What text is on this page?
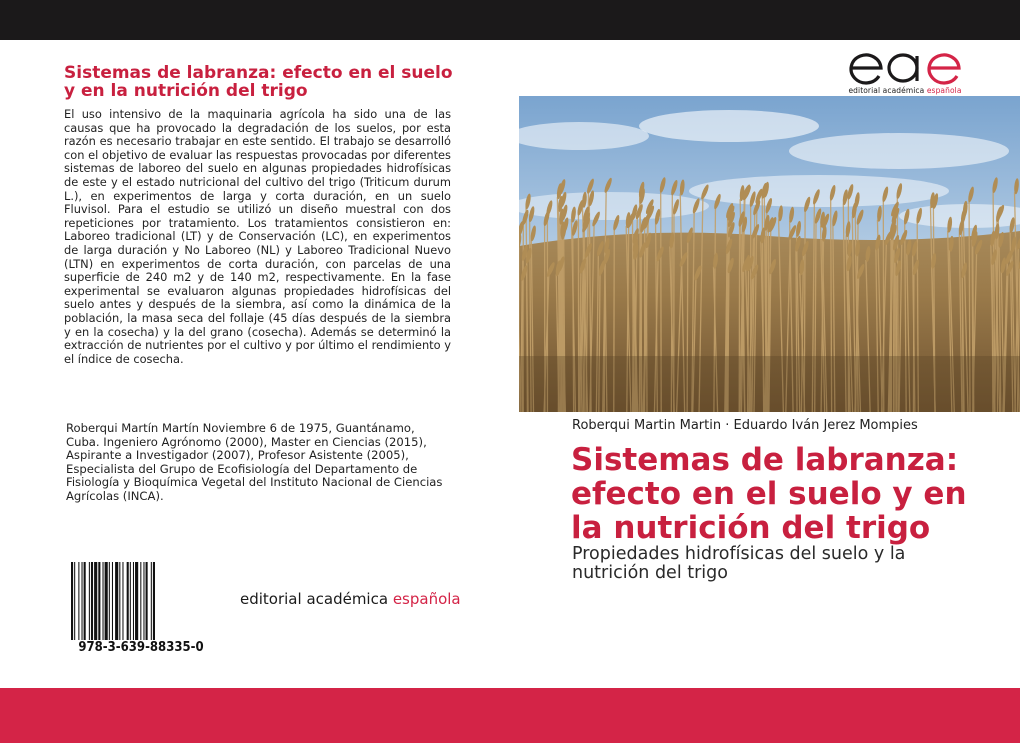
Sistemas de labranza: efecto en el suelo y en la nutrición del trigo
El uso intensivo de la maquinaria agrícola ha sido una de las causas que ha provocado la degradación de los suelos, por esta razón es necesario trabajar en este sentido. El trabajo se desarrolló con el objetivo de evaluar las respuestas provocadas por diferentes sistemas de laboreo del suelo en algunas propiedades hidrofísicas de este y el estado nutricional del cultivo del trigo (Triticum durum L.), en experimentos de larga y corta duración, en un suelo Fluvisol. Para el estudio se utilizó un diseño muestral con dos repeticiones por tratamiento. Los tratamientos consistieron en: Laboreo tradicional (LT) y de Conservación (LC), en experimentos de larga duración y No Laboreo (NL) y Laboreo Tradicional Nuevo (LTN) en experimentos de corta duración, con parcelas de una superficie de 240 m2 y de 140 m2, respectivamente. En la fase experimental se evaluaron algunas propiedades hidrofísicas del suelo antes y después de la siembra, así como la dinámica de la población, la masa seca del follaje (45 días después de la siembra y en la cosecha) y la del grano (cosecha). Además se determinó la extracción de nutrientes por el cultivo y por último el rendimiento y el índice de cosecha.
Roberqui Martín Martín Noviembre 6 de 1975, Guantánamo, Cuba. Ingeniero Agrónomo (2000), Master en Ciencias (2015), Aspirante a Investigador (2007), Profesor Asistente (2005), Especialista del Grupo de Ecofisiología del Departamento de Fisiología y Bioquímica Vegetal del Instituto Nacional de Ciencias Agrícolas (INCA).
978-3-639-88335-0
editorial académica española
editorial académica española
Roberqui Martin Martin · Eduardo Iván Jerez Mompies
Sistemas de labranza: efecto en el suelo y en la nutrición del trigo
Propiedades hidrofísicas del suelo y la nutrición del trigo
